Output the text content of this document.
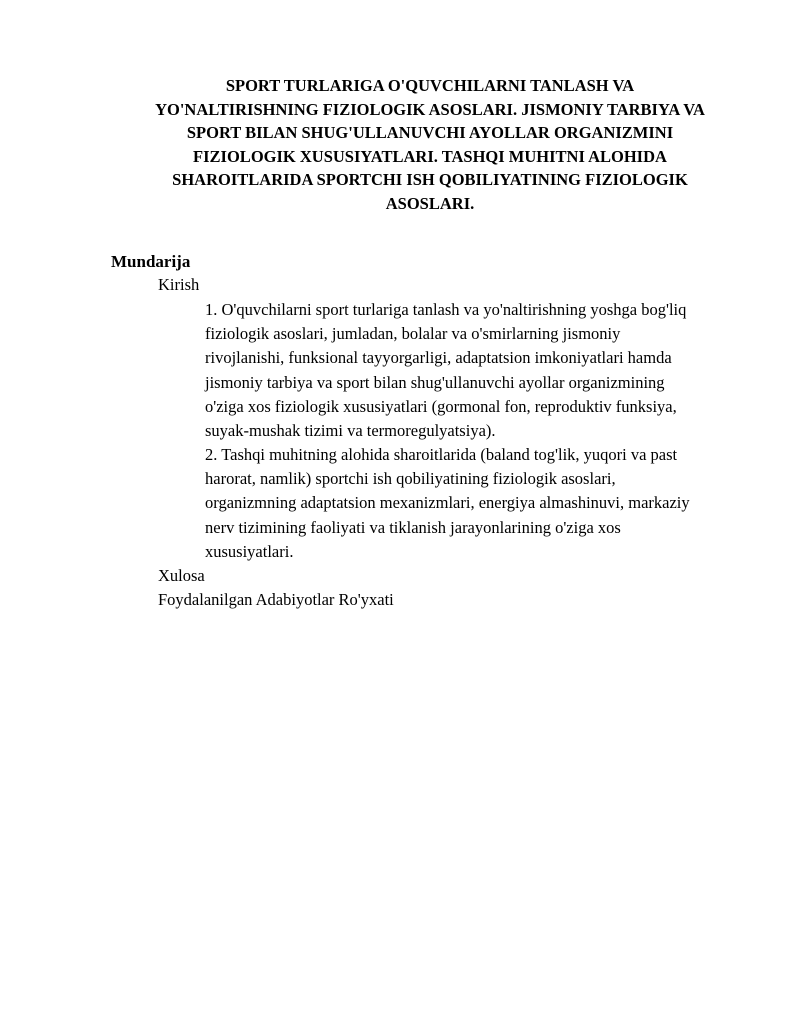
SPORT TURLARIGA O'QUVCHILARNI TANLASH VA
YO'NALTIRISHNING FIZIOLOGIK ASOSLARI. JISMONIY TARBIYA VA
SPORT BILAN SHUG'ULLANUVCHI AYOLLAR ORGANIZMINI
FIZIOLOGIK XUSUSIYATLARI. TASHQI MUHITNI ALOHIDA
SHAROITLARIDA SPORTCHI ISH QOBILIYATINING FIZIOLOGIK
ASOSLARI.
Mundarija

Kirish

1. O'quvchilarni sport turlariga tanlash va yo'naltirishning yoshga bog'liq
fiziologik asoslari, jumladan, bolalar va o'smirlarning jismoniy
rivojlanishi, funksional tayyorgarligi, adaptatsion imkoniyatlari hamda
jismoniy tarbiya va sport bilan shug'ullanuvchi ayollar organizmining
o'ziga xos fiziologik xususiyatlari (gormonal fon, reproduktiv funksiya,
suyak-mushak tizimi va termoregulyatsiya).

2. Tashqi muhitning alohida sharoitlarida (baland tog'lik, yuqori va past
harorat, namlik) sportchi ish qobiliyatining fiziologik asoslari,
organizmning adaptatsion mexanizmlari, energiya almashinuvi, markaziy
nerv tizimining faoliyati va tiklanish jarayonlarining o'ziga xos
xususiyatlari.

Xulosa

Foydalanilgan Adabiyotlar Ro'yxati
